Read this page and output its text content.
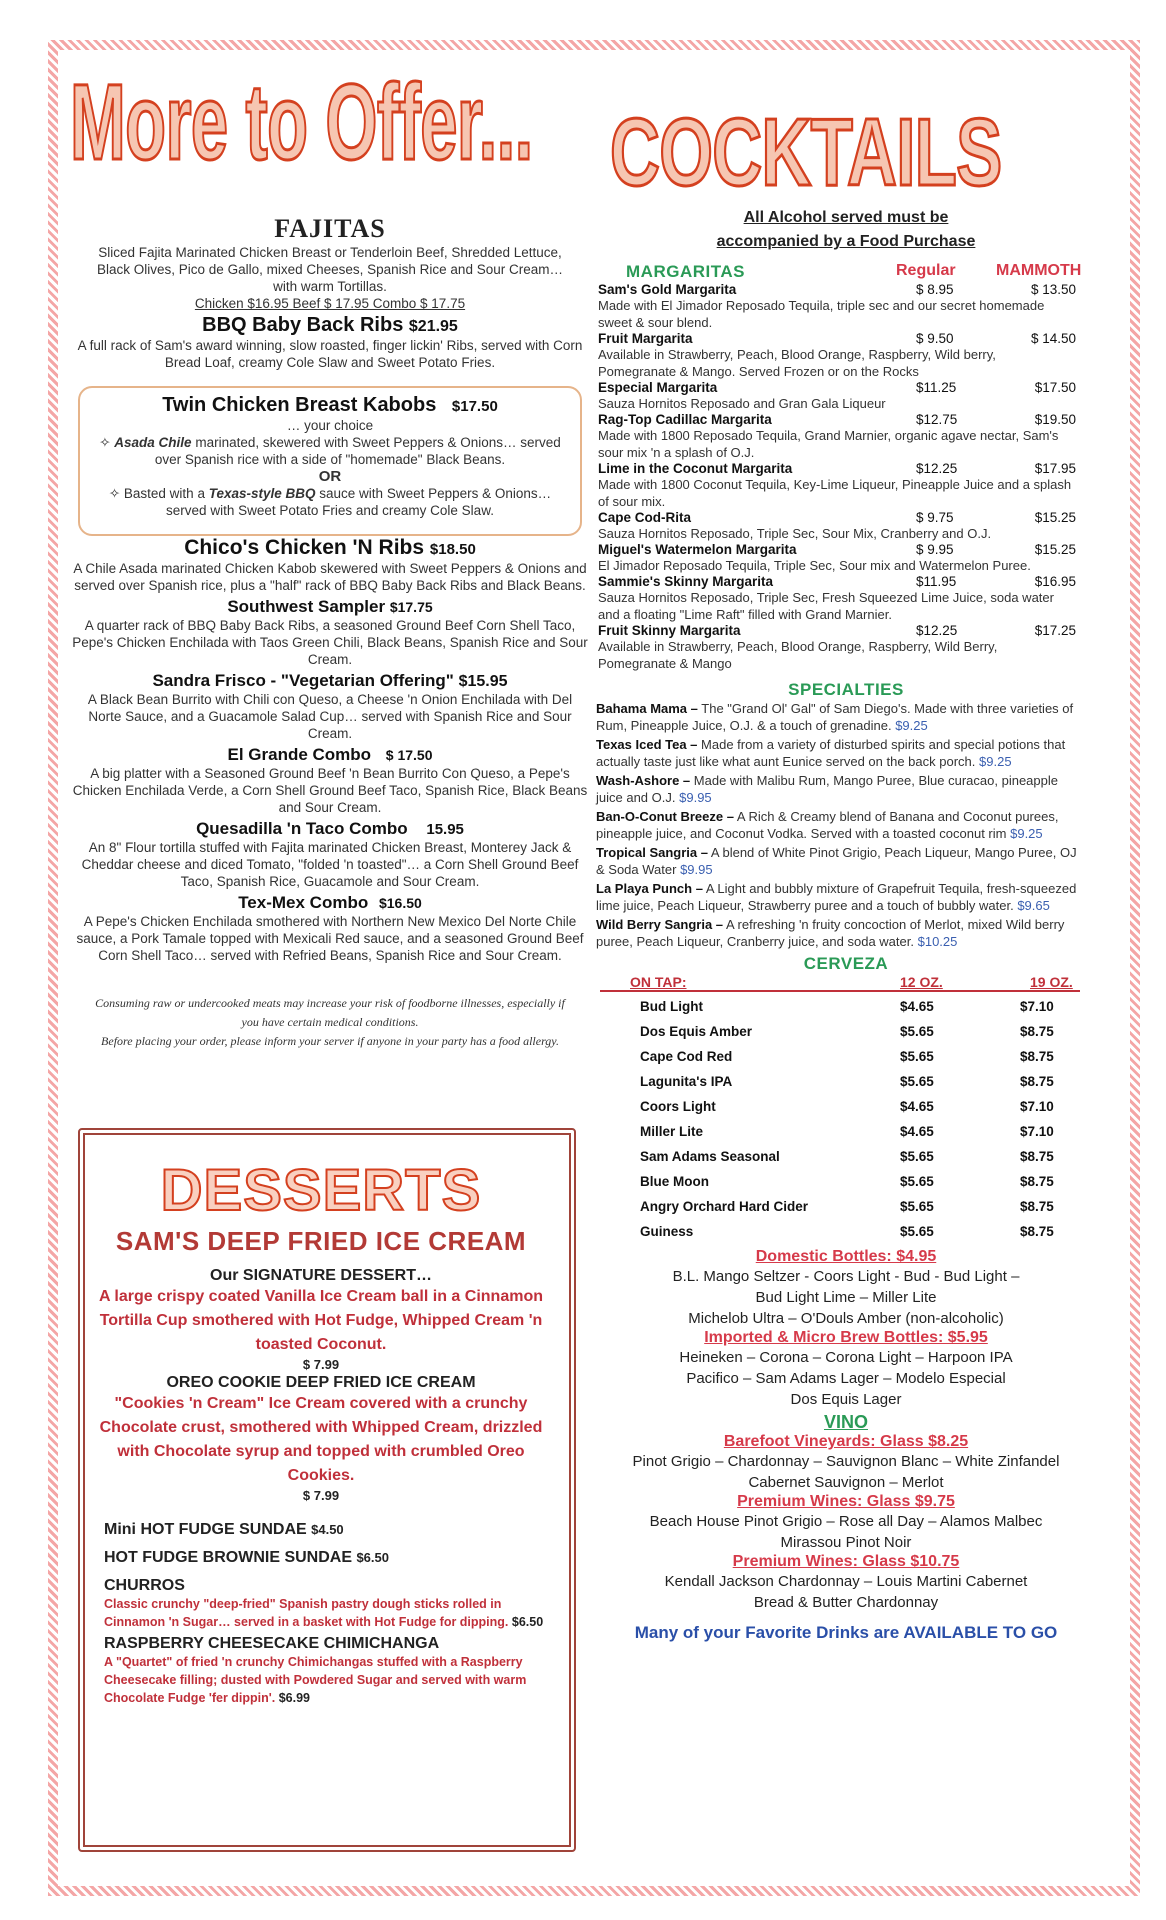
More to Offer... COCKTAILS
FAJITAS
Sliced Fajita Marinated Chicken Breast or Tenderloin Beef, Shredded Lettuce, Black Olives, Pico de Gallo, mixed Cheeses, Spanish Rice and Sour Cream…with warm Tortillas.
Chicken $16.95 Beef $ 17.95 Combo $ 17.75
BBQ Baby Back Ribs $21.95
A full rack of Sam's award winning, slow roasted, finger lickin' Ribs, served with Corn Bread Loaf, creamy Cole Slaw and Sweet Potato Fries.
Twin Chicken Breast Kabobs $17.50
… your choice
✧ Asada Chile marinated, skewered with Sweet Peppers & Onions… served over Spanish rice with a side of "homemade" Black Beans.
OR
✧ Basted with a Texas-style BBQ sauce with Sweet Peppers & Onions… served with Sweet Potato Fries and creamy Cole Slaw.
Chico's Chicken 'N Ribs $18.50
A Chile Asada marinated Chicken Kabob skewered with Sweet Peppers & Onions and served over Spanish rice, plus a "half" rack of BBQ Baby Back Ribs and Black Beans.
Southwest Sampler $17.75
A quarter rack of BBQ Baby Back Ribs, a seasoned Ground Beef Corn Shell Taco, Pepe's Chicken Enchilada with Taos Green Chili, Black Beans, Spanish Rice and Sour Cream.
Sandra Frisco - "Vegetarian Offering" $15.95
A Black Bean Burrito with Chili con Queso, a Cheese 'n Onion Enchilada with Del Norte Sauce, and a Guacamole Salad Cup… served with Spanish Rice and Sour Cream.
El Grande Combo $ 17.50
A big platter with a Seasoned Ground Beef 'n Bean Burrito Con Queso, a Pepe's Chicken Enchilada Verde, a Corn Shell Ground Beef Taco, Spanish Rice, Black Beans and Sour Cream.
Quesadilla 'n Taco Combo 15.95
An 8" Flour tortilla stuffed with Fajita marinated Chicken Breast, Monterey Jack & Cheddar cheese and diced Tomato, "folded 'n toasted"… a Corn Shell Ground Beef Taco, Spanish Rice, Guacamole and Sour Cream.
Tex-Mex Combo $16.50
A Pepe's Chicken Enchilada smothered with Northern New Mexico Del Norte Chile sauce, a Pork Tamale topped with Mexicali Red sauce, and a seasoned Ground Beef Corn Shell Taco… served with Refried Beans, Spanish Rice and Sour Cream.
Consuming raw or undercooked meats may increase your risk of foodborne illnesses, especially if you have certain medical conditions.
Before placing your order, please inform your server if anyone in your party has a food allergy.
DESSERTS
SAM'S DEEP FRIED ICE CREAM
Our SIGNATURE DESSERT…
A large crispy coated Vanilla Ice Cream ball in a Cinnamon Tortilla Cup smothered with Hot Fudge, Whipped Cream 'n toasted Coconut.
$ 7.99
OREO COOKIE DEEP FRIED ICE CREAM
"Cookies 'n Cream" Ice Cream covered with a crunchy Chocolate crust, smothered with Whipped Cream, drizzled with Chocolate syrup and topped with crumbled Oreo Cookies.
$ 7.99
Mini HOT FUDGE SUNDAE $4.50
HOT FUDGE BROWNIE SUNDAE $6.50
CHURROS
Classic crunchy "deep-fried" Spanish pastry dough sticks rolled in Cinnamon 'n Sugar… served in a basket with Hot Fudge for dipping. $6.50
RASPBERRY CHEESECAKE CHIMICHANGA
A "Quartet" of fried 'n crunchy Chimichangas stuffed with a Raspberry Cheesecake filling; dusted with Powdered Sugar and served with warm Chocolate Fudge 'fer dippin'. $6.99
All Alcohol served must be
accompanied by a Food Purchase
MARGARITAS	Regular	MAMMOTH
Sam's Gold Margarita	$ 8.95	$ 13.50
Made with El Jimador Reposado Tequila, triple sec and our secret homemade sweet & sour blend.
Fruit Margarita	$ 9.50	$ 14.50
Available in Strawberry, Peach, Blood Orange, Raspberry, Wild berry, Pomegranate & Mango. Served Frozen or on the Rocks
Especial Margarita	$11.25	$17.50
Sauza Hornitos Reposado and Gran Gala Liqueur
Rag-Top Cadillac Margarita	$12.75	$19.50
Made with 1800 Reposado Tequila, Grand Marnier, organic agave nectar, Sam's sour mix 'n a splash of O.J.
Lime in the Coconut Margarita	$12.25	$17.95
Made with 1800 Coconut Tequila, Key-Lime Liqueur, Pineapple Juice and a splash of sour mix.
Cape Cod-Rita	$ 9.75	$15.25
Sauza Hornitos Reposado, Triple Sec, Sour Mix, Cranberry and O.J.
Miguel's Watermelon Margarita	$ 9.95	$15.25
El Jimador Reposado Tequila, Triple Sec, Sour mix and Watermelon Puree.
Sammie's Skinny Margarita	$11.95	$16.95
Sauza Hornitos Reposado, Triple Sec, Fresh Squeezed Lime Juice, soda water and a floating "Lime Raft" filled with Grand Marnier.
Fruit Skinny Margarita	$12.25	$17.25
Available in Strawberry, Peach, Blood Orange, Raspberry, Wild Berry, Pomegranate & Mango
SPECIALTIES
Bahama Mama – The "Grand Ol' Gal" of Sam Diego's. Made with three varieties of Rum, Pineapple Juice, O.J. & a touch of grenadine. $9.25
Texas Iced Tea – Made from a variety of disturbed spirits and special potions that actually taste just like what aunt Eunice served on the back porch. $9.25
Wash-Ashore – Made with Malibu Rum, Mango Puree, Blue curacao, pineapple juice and O.J. $9.95
Ban-O-Conut Breeze – A Rich & Creamy blend of Banana and Coconut purees, pineapple juice, and Coconut Vodka. Served with a toasted coconut rim $9.25
Tropical Sangria – A blend of White Pinot Grigio, Peach Liqueur, Mango Puree, OJ & Soda Water $9.95
La Playa Punch – A Light and bubbly mixture of Grapefruit Tequila, fresh-squeezed lime juice, Peach Liqueur, Strawberry puree and a touch of bubbly water. $9.65
Wild Berry Sangria – A refreshing 'n fruity concoction of Merlot, mixed Wild berry puree, Peach Liqueur, Cranberry juice, and soda water. $10.25
CERVEZA
ON TAP:	12 OZ.	19 OZ.
Bud Light	$4.65	$7.10
Dos Equis Amber	$5.65	$8.75
Cape Cod Red	$5.65	$8.75
Lagunita's IPA	$5.65	$8.75
Coors Light	$4.65	$7.10
Miller Lite	$4.65	$7.10
Sam Adams Seasonal	$5.65	$8.75
Blue Moon	$5.65	$8.75
Angry Orchard Hard Cider	$5.65	$8.75
Guiness	$5.65	$8.75
Domestic Bottles: $4.95
B.L. Mango Seltzer - Coors Light - Bud - Bud Light –
Bud Light Lime – Miller Lite
Michelob Ultra – O'Douls Amber (non-alcoholic)
Imported & Micro Brew Bottles: $5.95
Heineken – Corona – Corona Light – Harpoon IPA
Pacifico – Sam Adams Lager – Modelo Especial
Dos Equis Lager
VINO
Barefoot Vineyards: Glass $8.25
Pinot Grigio – Chardonnay – Sauvignon Blanc – White Zinfandel
Cabernet Sauvignon – Merlot
Premium Wines: Glass $9.75
Beach House Pinot Grigio – Rose all Day – Alamos Malbec
Mirassou Pinot Noir
Premium Wines: Glass $10.75
Kendall Jackson Chardonnay – Louis Martini Cabernet
Bread & Butter Chardonnay
Many of your Favorite Drinks are AVAILABLE TO GO
